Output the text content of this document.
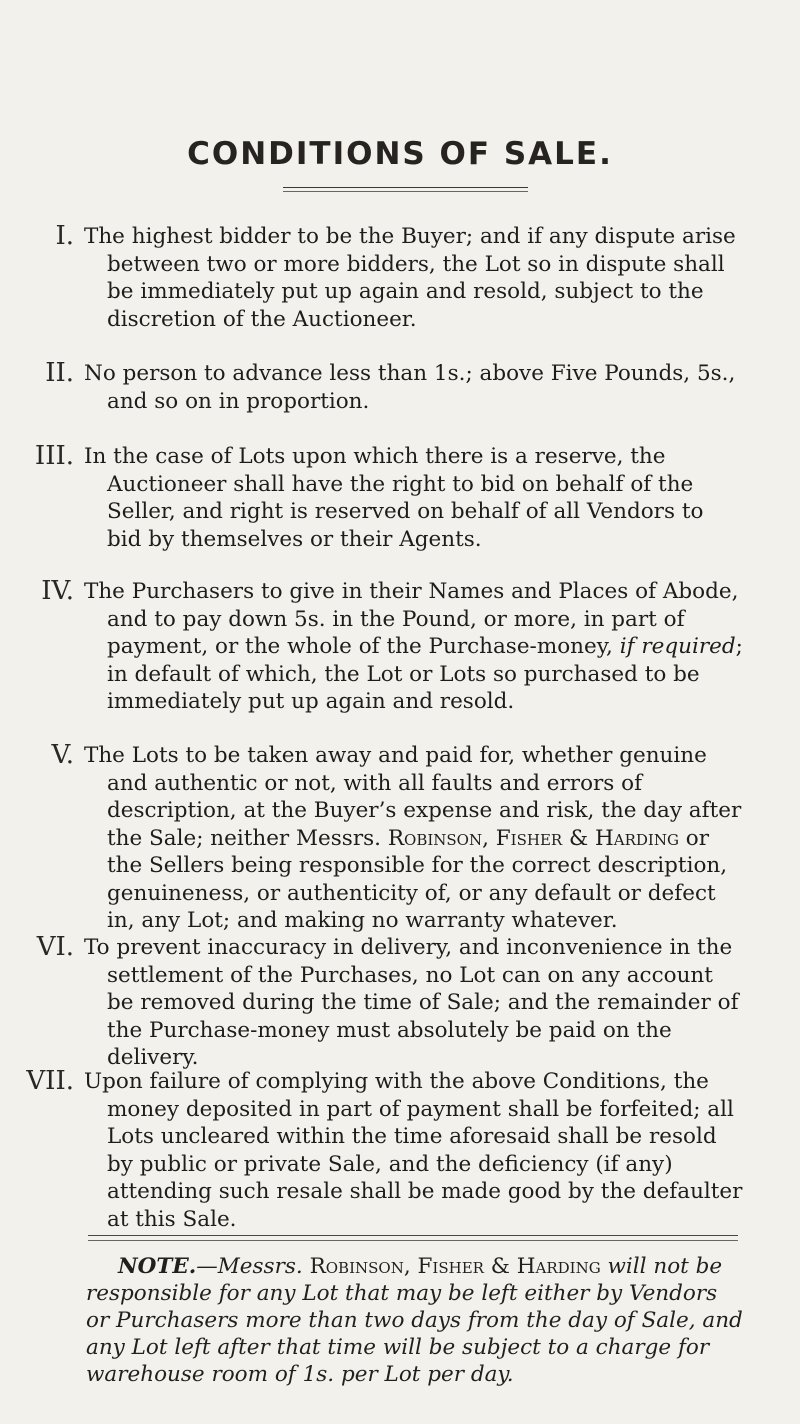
CONDITIONS OF SALE.
I. The highest bidder to be the Buyer; and if any dispute arise between two or more bidders, the Lot so in dispute shall be immediately put up again and resold, subject to the discretion of the Auctioneer.
II. No person to advance less than 1s.; above Five Pounds, 5s., and so on in proportion.
III. In the case of Lots upon which there is a reserve, the Auctioneer shall have the right to bid on behalf of the Seller, and right is reserved on behalf of all Vendors to bid by themselves or their Agents.
IV. The Purchasers to give in their Names and Places of Abode, and to pay down 5s. in the Pound, or more, in part of payment, or the whole of the Purchase-money, if required; in default of which, the Lot or Lots so purchased to be immediately put up again and resold.
V. The Lots to be taken away and paid for, whether genuine and authentic or not, with all faults and errors of description, at the Buyer’s expense and risk, the day after the Sale; neither Messrs. Robinson, Fisher & Harding or the Sellers being responsible for the correct description, genuineness, or authenticity of, or any default or defect in, any Lot; and making no warranty whatever.
VI. To prevent inaccuracy in delivery, and inconvenience in the settlement of the Purchases, no Lot can on any account be removed during the time of Sale; and the remainder of the Purchase-money must absolutely be paid on the delivery.
VII. Upon failure of complying with the above Conditions, the money deposited in part of payment shall be forfeited; all Lots uncleared within the time aforesaid shall be resold by public or private Sale, and the deficiency (if any) attending such resale shall be made good by the defaulter at this Sale.
NOTE.—Messrs. Robinson, Fisher & Harding will not be responsible for any Lot that may be left either by Vendors or Purchasers more than two days from the day of Sale, and any Lot left after that time will be subject to a charge for warehouse room of 1s. per Lot per day.
